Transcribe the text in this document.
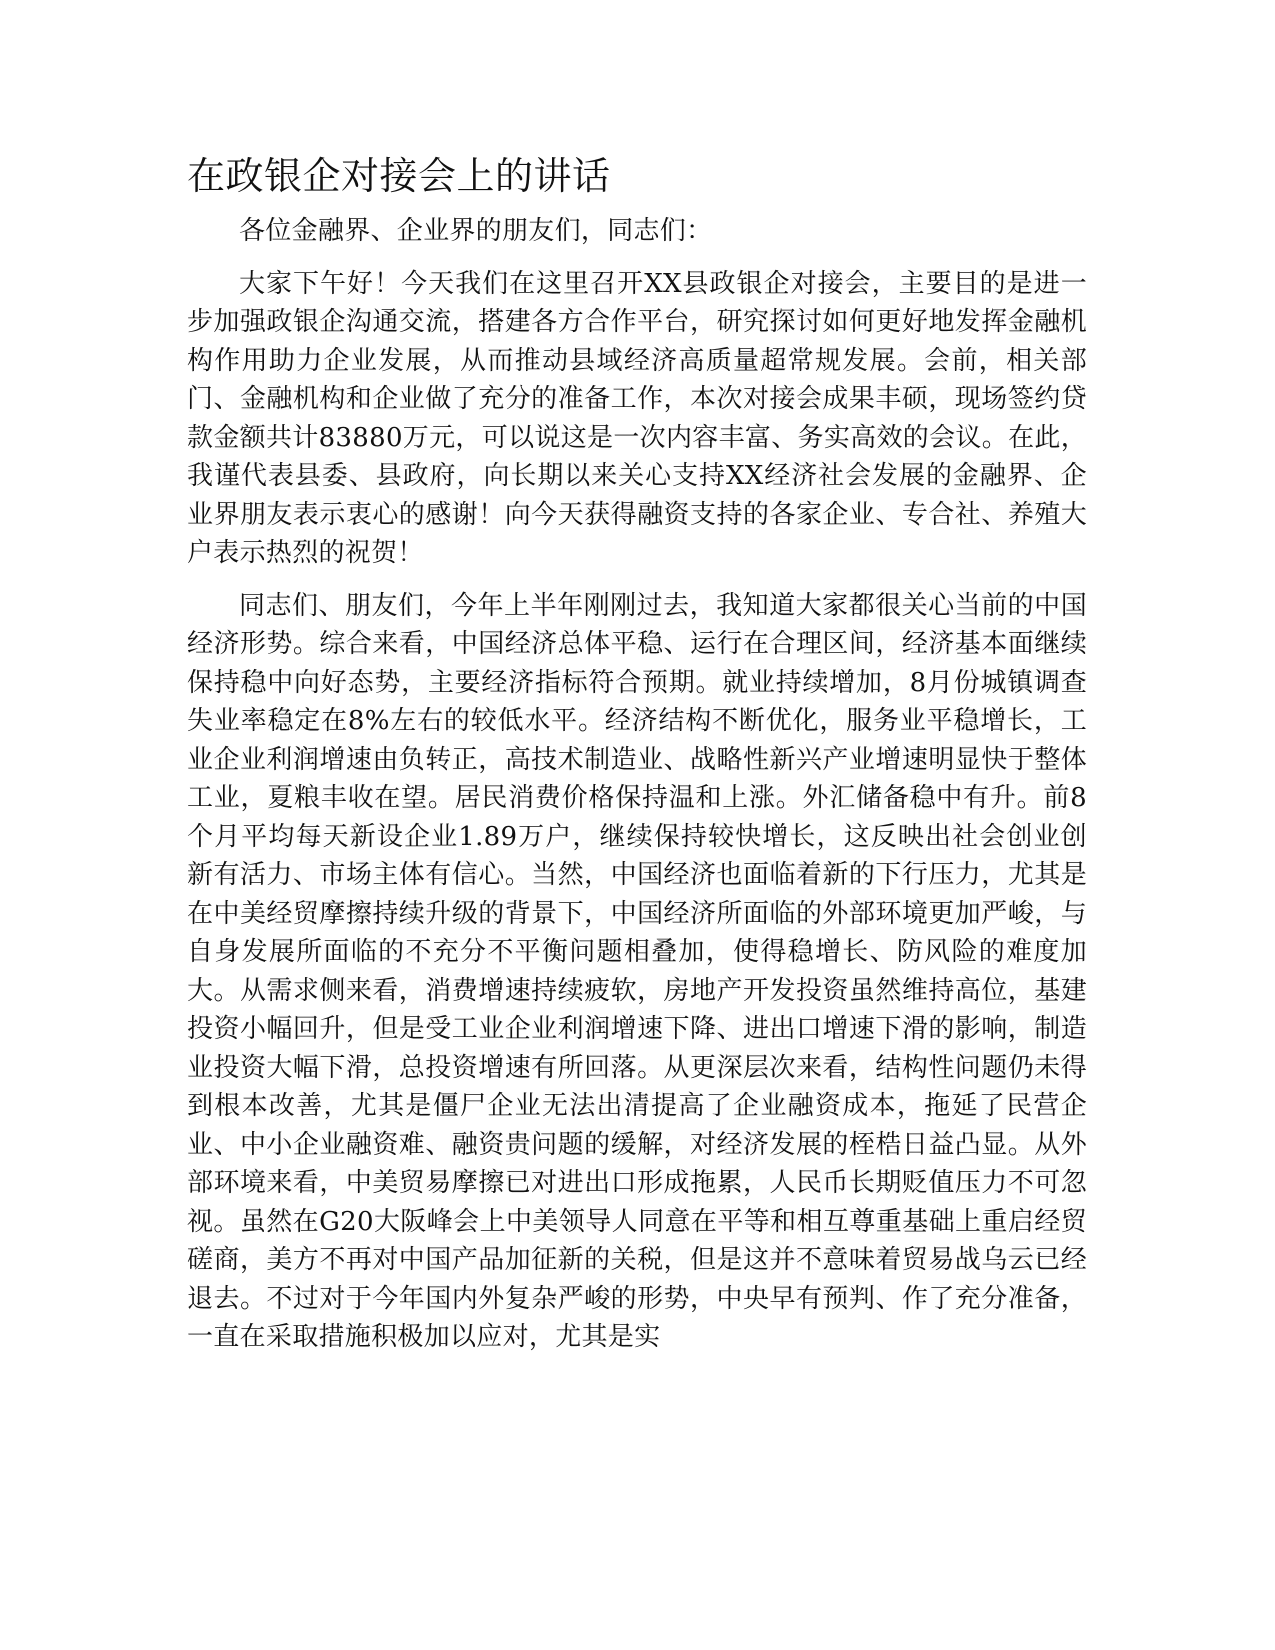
在政银企对接会上的讲话

各位金融界、企业界的朋友们，同志们：

大家下午好！今天我们在这里召开XX县政银企对接会，主要目的是进一步加强政银企沟通交流，搭建各方合作平台，研究探讨如何更好地发挥金融机构作用助力企业发展，从而推动县域经济高质量超常规发展。会前，相关部门、金融机构和企业做了充分的准备工作，本次对接会成果丰硕，现场签约贷款金额共计83880万元，可以说这是一次内容丰富、务实高效的会议。在此，我谨代表县委、县政府，向长期以来关心支持XX经济社会发展的金融界、企业界朋友表示衷心的感谢！向今天获得融资支持的各家企业、专合社、养殖大户表示热烈的祝贺！

同志们、朋友们，今年上半年刚刚过去，我知道大家都很关心当前的中国经济形势。综合来看，中国经济总体平稳、运行在合理区间，经济基本面继续保持稳中向好态势，主要经济指标符合预期。就业持续增加，8月份城镇调查失业率稳定在8%左右的较低水平。经济结构不断优化，服务业平稳增长，工业企业利润增速由负转正，高技术制造业、战略性新兴产业增速明显快于整体工业，夏粮丰收在望。居民消费价格保持温和上涨。外汇储备稳中有升。前8个月平均每天新设企业1.89万户，继续保持较快增长，这反映出社会创业创新有活力、市场主体有信心。当然，中国经济也面临着新的下行压力，尤其是在中美经贸摩擦持续升级的背景下，中国经济所面临的外部环境更加严峻，与自身发展所面临的不充分不平衡问题相叠加，使得稳增长、防风险的难度加大。从需求侧来看，消费增速持续疲软，房地产开发投资虽然维持高位，基建投资小幅回升，但是受工业企业利润增速下降、进出口增速下滑的影响，制造业投资大幅下滑，总投资增速有所回落。从更深层次来看，结构性问题仍未得到根本改善，尤其是僵尸企业无法出清提高了企业融资成本，拖延了民营企业、中小企业融资难、融资贵问题的缓解，对经济发展的桎梏日益凸显。从外部环境来看，中美贸易摩擦已对进出口形成拖累，人民币长期贬值压力不可忽视。虽然在G20大阪峰会上中美领导人同意在平等和相互尊重基础上重启经贸磋商，美方不再对中国产品加征新的关税，但是这并不意味着贸易战乌云已经退去。不过对于今年国内外复杂严峻的形势，中央早有预判、作了充分准备，一直在采取措施积极加以应对，尤其是实
